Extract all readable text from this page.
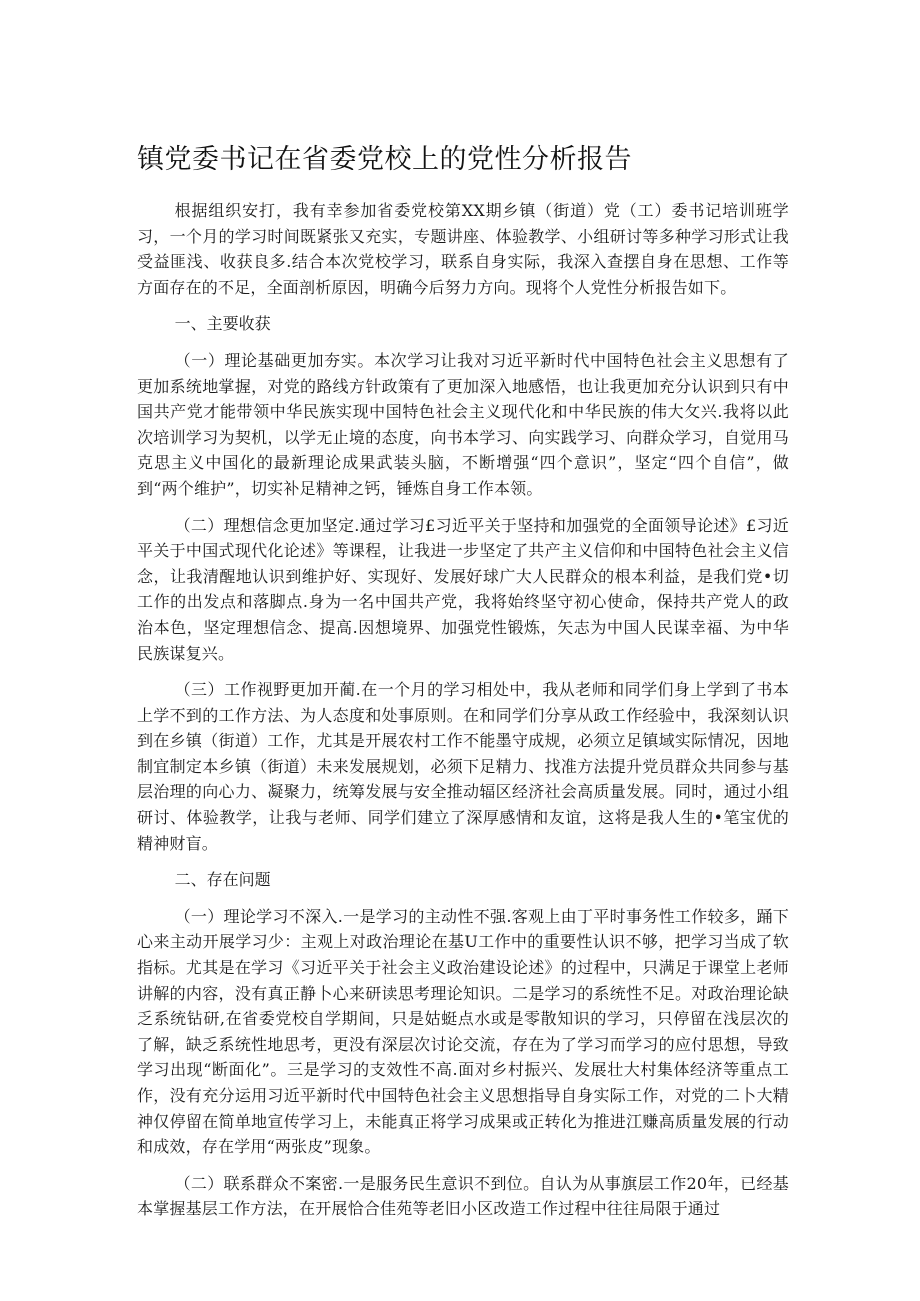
镇党委书记在省委党校上的党性分析报告

根据组织安打，我有幸参加省委党校第XX期乡镇（街道）党（工）委书记培训班学习，一个月的学习时间既紧张又充实，专题讲座、体验教学、小组研讨等多种学习形式让我受益匪浅、收获良多.结合本次党校学习，联系自身实际，我深入查摆自身在思想、工作等方面存在的不足，全面剖析原因，明确今后努力方向。现将个人党性分析报告如下。

一、主要收获

（一）理论基础更加夯实。本次学习让我对习近平新时代中国特色社会主义思想有了更加系统地掌握，对党的路线方针政策有了更加深入地感悟，也让我更加充分认识到只有中国共产党才能带领中华民族实现中国特色社会主义现代化和中华民族的伟大攵兴.我将以此次培训学习为契机，以学无止境的态度，向书本学习、向实践学习、向群众学习，自觉用马克思主义中国化的最新理论成果武装头脑，不断增强“四个意识”，坚定“四个自信”，做到“两个维护”，切实补足精神之钙，锤炼自身工作本领。

（二）理想信念更加坚定.通过学习£习近平关于坚持和加强党的全面领导论述》£习近平关于中国式现代化论述》等课程，让我进一步坚定了共产主义信仰和中国特色社会主义信念，让我清醒地认识到维护好、实现好、发展好球广大人民群众的根本利益，是我们党•切工作的出发点和落脚点.身为一名中国共产党，我将始终坚守初心使命，保持共产党人的政治本色，坚定理想信念、提高.因想境界、加强党性锻炼，矢志为中国人民谋幸福、为中华民族谋复兴。

（三）工作视野更加开蔺.在一个月的学习相处中，我从老师和同学们身上学到了书本上学不到的工作方法、为人态度和处事原则。在和同学们分享从政工作经验中，我深刻认识到在乡镇（街道）工作，尤其是开展农村工作不能墨守成规，必须立足镇域实际情况，因地制宜制定本乡镇（街道）未来发展规划，必须下足精力、找准方法提升党员群众共同参与基层治理的向心力、凝聚力，统筹发展与安全推动辐区经济社会高质量发展。同时，通过小组研讨、体验教学，让我与老师、同学们建立了深厚感情和友谊，这将是我人生的•笔宝优的精神财盲。

二、存在问题

（一）理论学习不深入.一是学习的主动性不强.客观上由丁平时事务性工作较多，踊下心来主动开展学习少：主观上对政治理论在基U工作中的重要性认识不够，把学习当成了软指标。尤其是在学习《习近平关于社会主义政治建设论述》的过程中，只满足于课堂上老师讲解的内容，没有真正静卜心来研读思考理论知识。二是学习的系统性不足。对政治理论缺乏系统钻研,在省委党校自学期间，只是姑蜓点水或是零散知识的学习，只停留在浅层次的了解，缺乏系统性地思考，更没有深层次讨论交流，存在为了学习而学习的应付思想，导致学习出现“断面化”。三是学习的支效性不高.面对乡村振兴、发展壮大村集体经济等重点工作，没有充分运用习近平新时代中国特色社会主义思想指导自身实际工作，对党的二卜大精神仅停留在简单地宣传学习上，未能真正将学习成果或正转化为推进江赚高质量发展的行动和成效，存在学用“两张皮”现象。

（二）联系群众不案密.一是服务民生意识不到位。自认为从事旗层工作20年，已经基本掌握基层工作方法，在开展恰合佳苑等老旧小区改造工作过程中往往局限于通过
